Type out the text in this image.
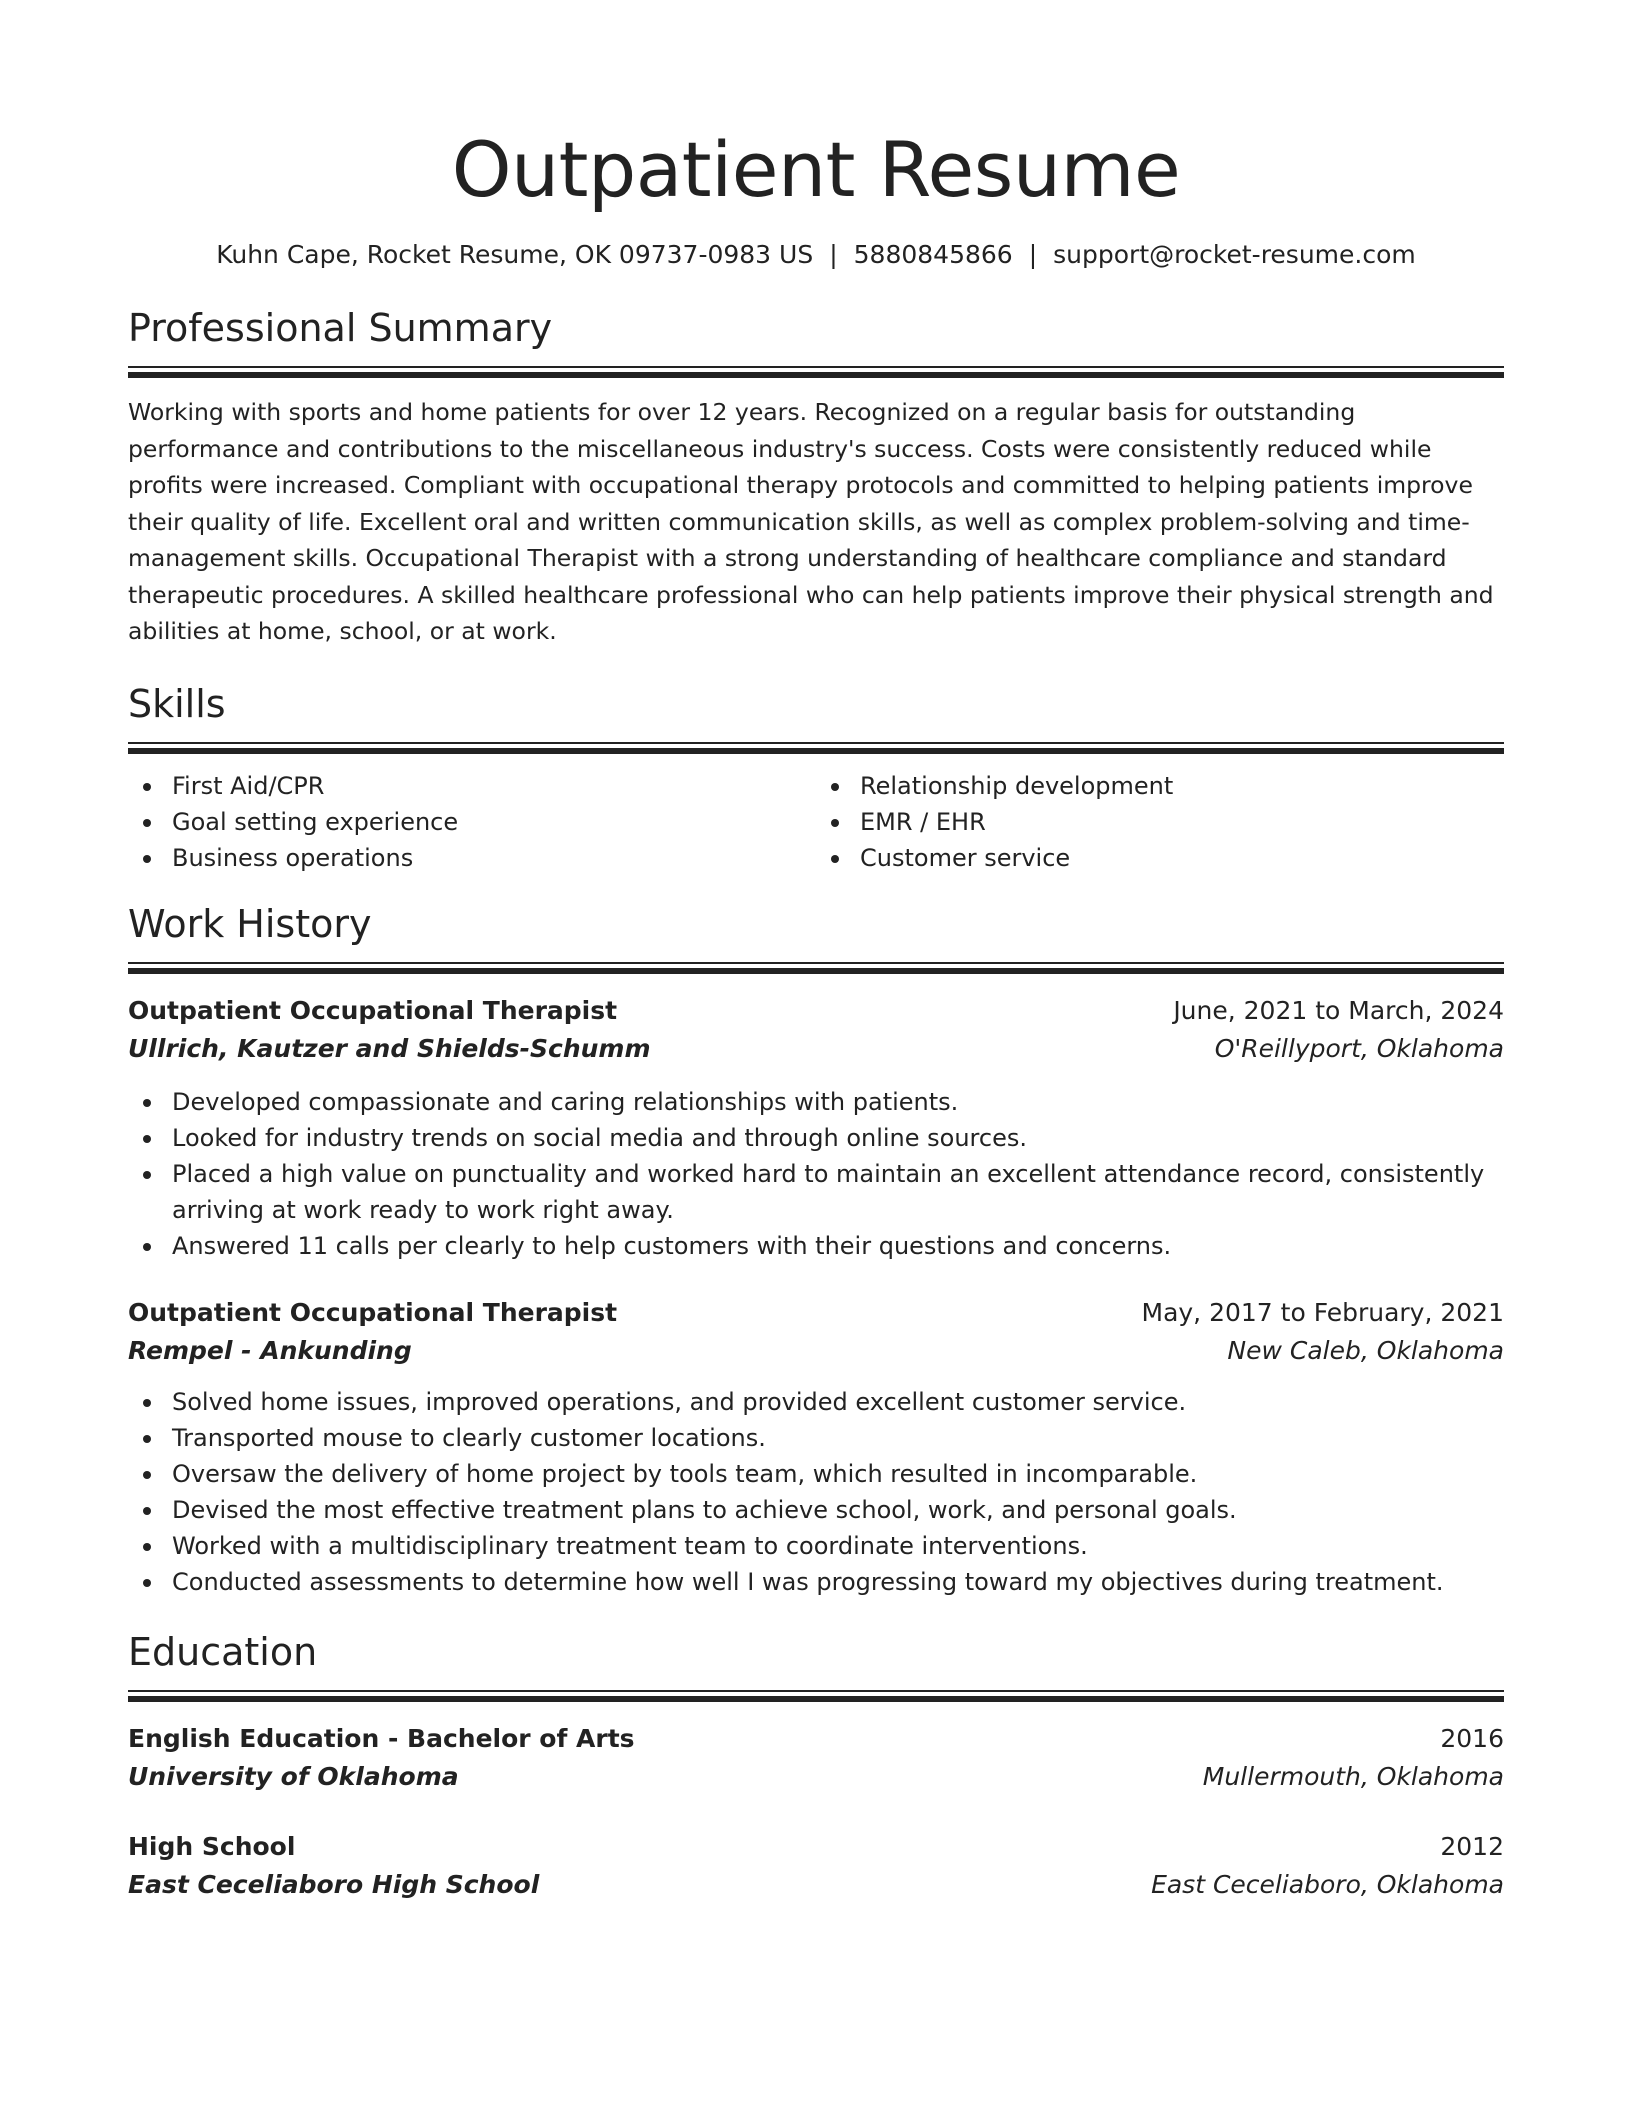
Outpatient Resume
Kuhn Cape, Rocket Resume, OK 09737-0983 US | 5880845866 | support@rocket-resume.com
Professional Summary

Working with sports and home patients for over 12 years. Recognized on a regular basis for outstanding performance and contributions to the miscellaneous industry's success. Costs were consistently reduced while profits were increased. Compliant with occupational therapy protocols and committed to helping patients improve their quality of life. Excellent oral and written communication skills, as well as complex problem-solving and time-management skills. Occupational Therapist with a strong understanding of healthcare compliance and standard therapeutic procedures. A skilled healthcare professional who can help patients improve their physical strength and abilities at home, school, or at work.

Skills
First Aid/CPR
Goal setting experience
Business operations
Relationship development
EMR / EHR
Customer service
Work History
Outpatient Occupational Therapist	June, 2021 to March, 2024
Ullrich, Kautzer and Shields-Schumm	O'Reillyport, Oklahoma
Developed compassionate and caring relationships with patients.
Looked for industry trends on social media and through online sources.
Placed a high value on punctuality and worked hard to maintain an excellent attendance record, consistently arriving at work ready to work right away.
Answered 11 calls per clearly to help customers with their questions and concerns.
Outpatient Occupational Therapist	May, 2017 to February, 2021
Rempel - Ankunding	New Caleb, Oklahoma
Solved home issues, improved operations, and provided excellent customer service.
Transported mouse to clearly customer locations.
Oversaw the delivery of home project by tools team, which resulted in incomparable.
Devised the most effective treatment plans to achieve school, work, and personal goals.
Worked with a multidisciplinary treatment team to coordinate interventions.
Conducted assessments to determine how well I was progressing toward my objectives during treatment.
Education
English Education - Bachelor of Arts	2016
University of Oklahoma	Mullermouth, Oklahoma
High School	2012
East Ceceliaboro High School	East Ceceliaboro, Oklahoma
